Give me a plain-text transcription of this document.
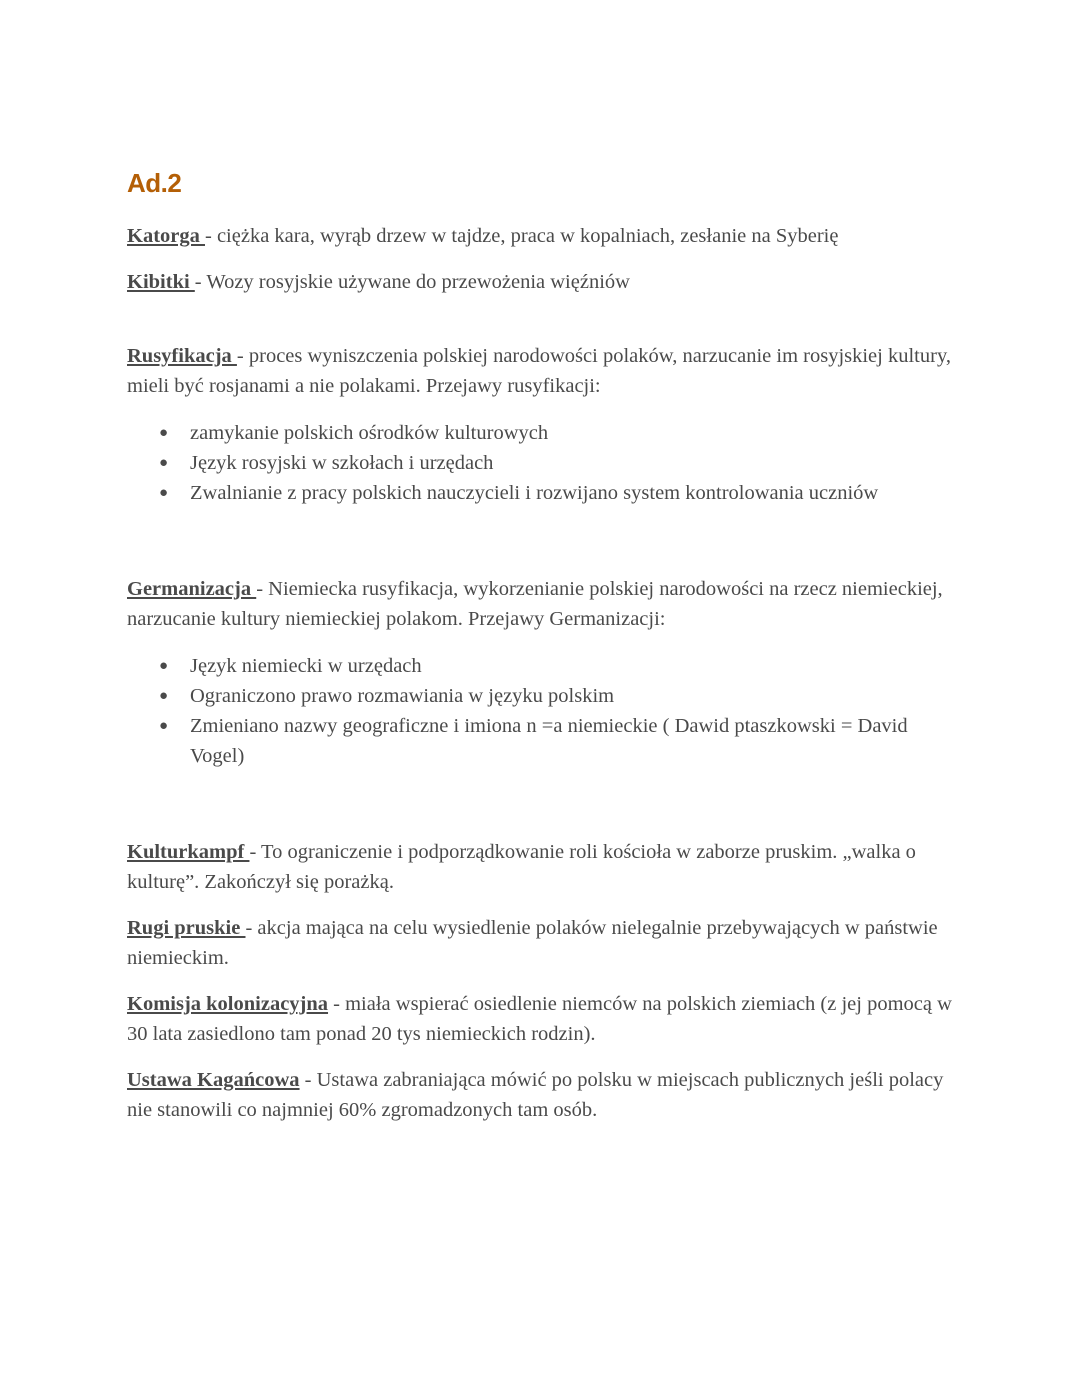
Ad.2

Katorga - ciężka kara, wyrąb drzew w tajdze, praca w kopalniach, zesłanie na Syberię

Kibitki - Wozy rosyjskie używane do przewożenia więźniów

Rusyfikacja - proces wyniszczenia polskiej narodowości polaków, narzucanie im rosyjskiej kultury, mieli być rosjanami a nie polakami. Przejawy rusyfikacji:

● zamykanie polskich ośrodków kulturowych
● Język rosyjski w szkołach i urzędach
● Zwalnianie z pracy polskich nauczycieli i rozwijano system kontrolowania uczniów

Germanizacja - Niemiecka rusyfikacja, wykorzenianie polskiej narodowości na rzecz niemieckiej, narzucanie kultury niemieckiej polakom. Przejawy Germanizacji:

● Język niemiecki w urzędach
● Ograniczono prawo rozmawiania w języku polskim
● Zmieniano nazwy geograficzne i imiona n =a niemieckie ( Dawid ptaszkowski = David Vogel)

Kulturkampf - To ograniczenie i podporządkowanie roli kościoła w zaborze pruskim. „walka o kulturę”. Zakończył się porażką.

Rugi pruskie - akcja mająca na celu wysiedlenie polaków nielegalnie przebywających w państwie niemieckim.

Komisja kolonizacyjna - miała wspierać osiedlenie niemców na polskich ziemiach (z jej pomocą w 30 lata zasiedlono tam ponad 20 tys niemieckich rodzin).

Ustawa Kagańcowa - Ustawa zabraniająca mówić po polsku w miejscach publicznych jeśli polacy nie stanowili co najmniej 60% zgromadzonych tam osób.
